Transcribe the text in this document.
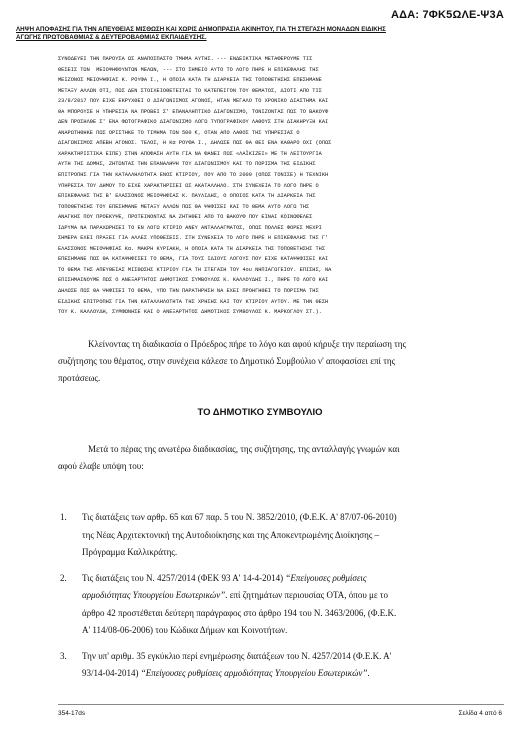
ΑΔΑ: 7ΦΚ5ΩΛΕ-Ψ3Α
ΛΗΨΗ ΑΠΟΦΑΣΗΣ ΓΙΑ ΤΗΝ ΑΠΕΥΘΕΙΑΣ ΜΙΣΘΩΣΗ ΚΑΙ ΧΩΡΙΣ ΔΗΜΟΠΡΑΣΙΑ ΑΚΙΝΗΤΟΥ, ΓΙΑ ΤΗ ΣΤΕΓΑΣΗ ΜΟΝΑΔΩΝ ΕΙΔΙΚΗΣ
ΑΓΩΓΗΣ ΠΡΩΤΟΒΑΘΜΙΑΣ & ΔΕΥΤΕΡΟΒΑΘΜΙΑΣ ΕΚΠΑΙΔΕΥΣΗΣ.
ΣΥΝΟΔΕΥΕΙ ΤΗΝ ΠΑΡΟΥΣΑ ΩΣ ΑΝΑΠΟΣΠΑΣΤΟ ΤΜΗΜΑ ΑΥΤΗΣ. --- ΕΝΔΕΙΚΤΙΚΑ ΜΕΤΑΦΕΡΟΥΜΕ ΤΙΣ
ΘΕΣΕΙΣ ΤΩΝ  ΜΕΙΟΨΗΦΟΥΝΤΩΝ ΜΕΛΩΝ, --- ΣΤΟ ΣΗΜΕΙΟ ΑΥΤΟ ΤΟ ΛΟΓΟ ΠΗΡΕ Η ΕΠΙΚΕΦΑΛΗΣ ΤΗΣ
ΜΕΙΖΟΝΟΣ ΜΕΙΟΨΗΦΙΑΣ Κ. ΡΟΥΦΑ Ι., Η ΟΠΟΙΑ ΚΑΤΑ ΤΗ ΔΙΑΡΚΕΙΑ ΤΗΣ ΤΟΠΟΘΕΤΗΣΗΣ ΕΠΕΣΗΜΑΝΕ
ΜΕΤΑΞΥ ΑΛΛΩΝ ΟΤΙ, ΠΩΣ ΔΕΝ ΣΤΟΙΧΕΙΟΘΕΤΕΙΤΑΙ ΤΟ ΚΑΤΕΠΕΙΓΟΝ ΤΟΥ ΘΕΜΑΤΟΣ, ΔΙΟΤΙ ΑΠΟ ΤΙΣ
23/8/2017 ΠΟΥ ΕΙΧΕ ΕΚΡΥΧΘΕΙ Ο ΔΙΑΓΩΝΙΣΜΟΣ ΑΓΟΝΟΣ, ΗΤΑΝ ΜΕΓΑΛΟ ΤΟ ΧΡΟΝΙΚΟ ΔΙΑΣΤΗΜΑ ΚΑΙ
ΘΑ ΜΠΟΡΟΥΣΕ Η ΥΠΗΡΕΣΙΑ ΝΑ ΠΡΟΒΕΙ Σ' ΕΠΑΝΑΛΗΠΤΙΚΟ ΔΙΑΓΩΝΙΣΜΟ, ΤΟΝΙΖΟΝΤΑΣ ΠΩΣ ΤΟ ΒΑΚΟΥΦ
ΔΕΝ ΠΡΟΣΗΛΘΕ Σ' ΕΝΑ ΦΩΤΟΓΡΑΦΙΚΟ ΔΙΑΓΩΝΙΣΜΟ ΛΟΓΩ ΤΥΠΟΓΡΑΦΙΚΟΥ ΛΑΘΟΥΣ ΣΤΗ ΔΙΑΚΗΡΥΞΗ ΚΑΙ
ΑΝΑΡΩΤΗΘΗΚΕ ΠΩΣ ΟΡΙΣΤΗΚΕ ΤΟ ΤΙΜΗΜΑ ΤΩΝ 500 €, ΟΤΑΝ ΑΠΟ ΛΑΘΟΣ ΤΗΣ ΥΠΗΡΕΣΙΑΣ Ο
ΔΙΑΓΩΝΙΣΜΟΣ ΑΠΕΒΗ ΑΓΟΝΟΣ. ΤΕΛΟΣ, Η Κα ΡΟΥΦΑ Ι., ΔΗΛΩΣΕ ΠΩΣ ΘΑ ΘΕΙ ΕΝΑ ΚΑΘΑΡΟ ΟΧΙ (ΟΠΩΣ
ΧΑΡΑΚΤΗΡΙΣΤΙΚΑ ΕΙΠΕ) ΣΤΗΝ ΑΠΟΦΑΣΗ ΑΥΤΗ ΓΙΑ ΝΑ ΦΑΝΕΙ ΠΩΣ «ΛΑΪΚΙΖΕΙ» ΜΕ ΤΗ ΛΕΙΤΟΥΡΓΙΑ
ΑΥΤΗ ΤΗΣ ΔΟΜΗΣ, ΖΗΤΩΝΤΑΣ ΤΗΝ ΕΠΑΝΑΛΗΨΗ ΤΟΥ ΔΙΑΓΩΝΙΣΜΟΥ ΚΑΙ ΤΟ ΠΟΡΙΣΜΑ ΤΗΣ ΕΙΔΙΚΗΣ
ΕΠΙΤΡΟΠΗΣ ΓΙΑ ΤΗΝ ΚΑΤΑΛΛΗΛΟΤΗΤΑ ΕΝΟΣ ΚΤΙΡΙΟΥ, ΠΟΥ ΑΠΟ ΤΟ 2009 (ΟΠΩΣ ΤΟΝΙΣΕ) Η ΤΕΧΝΙΚΗ
ΥΠΗΡΕΣΙΑ ΤΟΥ ΔΗΜΟΥ ΤΟ ΕΙΧΕ ΧΑΡΑΚΤΗΡΙΣΕΙ ΩΣ ΑΚΑΤΑΛΛΗΛΟ. ΣΤΗ ΣΥΝΕΧΕΙΑ ΤΟ ΛΟΓΟ ΠΗΡΕ Ο
ΕΠΙΚΕΦΑΛΗΣ ΤΗΣ Β' ΕΛΑΣΣΟΝΟΣ ΜΕΙΟΨΗΦΙΑΣ Κ. ΠΑΥΛΙΔΗΣ, Ο ΟΠΟΙΟΣ ΚΑΤΑ ΤΗ ΔΙΑΡΚΕΙΑ ΤΗΣ
ΤΟΠΟΘΕΤΗΣΗΣ ΤΟΥ ΕΠΕΣΗΜΑΝΕ ΜΕΤΑΞΥ ΑΛΛΩΝ ΠΩΣ ΘΑ ΨΗΦΙΣΕΙ ΚΑΙ ΤΟ ΘΕΜΑ ΑΥΤΟ ΛΟΓΩ ΤΗΣ
ΑΝΑΓΚΗΣ ΠΟΥ ΠΡΟΕΚΥΨΕ, ΠΡΟΤΕΙΝΟΝΤΑΣ ΝΑ ΖΗΤΗΘΕΙ ΑΠΟ ΤΟ ΒΑΚΟΥΦ ΠΟΥ ΕΙΝΑΙ ΚΟΙΝΩΦΕΛΕΣ
ΙΔΡΥΜΑ ΝΑ ΠΑΡΑΧΩΡΗΣΕΙ ΤΟ ΕΝ ΛΟΓΩ ΚΤΙΡΙΟ ΑΝΕΥ ΑΝΤΑΛΛΑΓΜΑΤΟΣ, ΟΠΩΣ ΠΟΛΛΕΣ ΦΟΡΕΣ ΜΕΧΡΙ
ΣΗΜΕΡΑ ΕΧΕΙ ΠΡΑΞΕΙ ΓΙΑ ΑΛΛΕΣ ΥΠΟΘΕΣΕΙΣ. ΣΤΗ ΣΥΝΕΧΕΙΑ ΤΟ ΛΟΓΟ ΠΗΡΕ Η ΕΠΙΚΕΦΑΛΗΣ ΤΗΣ Γ'
ΕΛΑΣΣΟΝΟΣ ΜΕΙΟΨΗΦΙΑΣ Κα. ΜΑΚΡΗ ΚΥΡΙΑΚΗ, Η ΟΠΟΙΑ ΚΑΤΑ ΤΗ ΔΙΑΡΚΕΙΑ ΤΗΣ ΤΟΠΟΘΕΤΗΣΗΣ ΤΗΣ
ΕΠΕΣΗΜΑΝΕ ΠΩΣ ΘΑ ΚΑΤΑΨΗΦΙΣΕΙ ΤΟ ΘΕΜΑ, ΓΙΑ ΤΟΥΣ ΙΔΙΟΥΣ ΛΟΓΟΥΣ ΠΟΥ ΕΙΧΕ ΚΑΤΑΨΗΦΙΣΕΙ ΚΑΙ
ΤΟ ΘΕΜΑ ΤΗΣ ΑΠΕΥΘΕΙΑΣ ΜΙΣΘΩΣΗΣ ΚΤΙΡΙΟΥ ΓΙΑ ΤΗ ΣΤΕΓΑΣΗ ΤΟΥ 4ου ΝΗΠΙΑΓΩΓΕΙΟΥ. ΕΠΙΣΗΣ, ΝΑ
ΕΠΙΣΗΜΑΙΝΟΥΜΕ ΠΩΣ Ο ΑΝΕΞΑΡΤΗΤΟΣ ΔΗΜΟΤΙΚΟΣ ΣΥΜΒΟΥΛΟΣ Κ. ΚΑΛΛΟΥΔΗΣ Ι., ΠΗΡΕ ΤΟ ΛΟΓΟ ΚΑΙ
ΔΗΛΩΣΕ ΠΩΣ ΘΑ ΨΗΦΙΣΕΙ ΤΟ ΘΕΜΑ, ΥΠΟ ΤΗΝ ΠΑΡΑΤΗΡΗΣΗ ΝΑ ΕΧΕΙ ΠΡΟΗΓΗΘΕΙ ΤΟ ΠΟΡΙΣΜΑ ΤΗΣ
ΕΙΔΙΚΗΣ ΕΠΙΤΡΟΠΗΣ ΓΙΑ ΤΗΝ ΚΑΤΑΛΛΗΛΟΤΗΤΑ ΤΗΣ ΧΡΗΣΗΣ ΚΑΙ ΤΟΥ ΚΤΙΡΙΟΥ ΑΥΤΟΥ. ΜΕ ΤΗΝ ΘΕΣΗ
ΤΟΥ Κ. ΚΑΛΛΟΥΔΗ, ΣΥΜΦΩΝΗΣΕ ΚΑΙ Ο ΑΝΕΞΑΡΤΗΤΟΣ ΔΗΜΟΤΙΚΟΣ ΣΥΜΒΟΥΛΟΣ Κ. ΜΑΡΚΟΓΛΟΥ ΣΤ.).
Κλείνοντας τη διαδικασία ο Πρόεδρος πήρε το λόγο και αφού κήρυξε την περαίωση της
συζήτησης του θέματος, στην συνέχεια κάλεσε το Δημοτικό Συμβούλιο ν' αποφασίσει επί της
προτάσεως.
ΤΟ ΔΗΜΟΤΙΚΟ ΣΥΜΒΟΥΛΙΟ
Μετά το πέρας της ανωτέρω διαδικασίας, της συζήτησης, της ανταλλαγής γνωμών και
αφού έλαβε υπόψη του:
1. Τις διατάξεις των αρθρ. 65 και 67 παρ. 5 του Ν. 3852/2010, (Φ.Ε.Κ. Α' 87/07-06-2010)
της Νέας Αρχιτεκτονική της Αυτοδιοίκησης και της Αποκεντρωμένης Διοίκησης –
Πρόγραμμα Καλλικράτης.
2. Τις διατάξεις του Ν. 4257/2014 (ΦΕΚ 93 Α' 14-4-2014) “Επείγουσες ρυθμίσεις
αρμοδιότητας Υπουργείου Εσωτερικών”. επί ζητημάτων περιουσίας ΟΤΑ, όπου με το
άρθρο 42 προστέθεται δεύτερη παράγραφος στο άρθρο 194 του Ν. 3463/2006, (Φ.Ε.Κ.
Α' 114/08-06-2006) του Κώδικα Δήμων και Κοινοτήτων.
3. Την υπ' αριθμ. 35 εγκύκλιο περί ενημέρωσης διατάξεων του Ν. 4257/2014 (Φ.Ε.Κ. Α'
93/14-04-2014) “Επείγουσες ρυθμίσεις αρμοδιότητας Υπουργείου Εσωτερικών”.
354-17ds	Σελίδα 4 από 6
